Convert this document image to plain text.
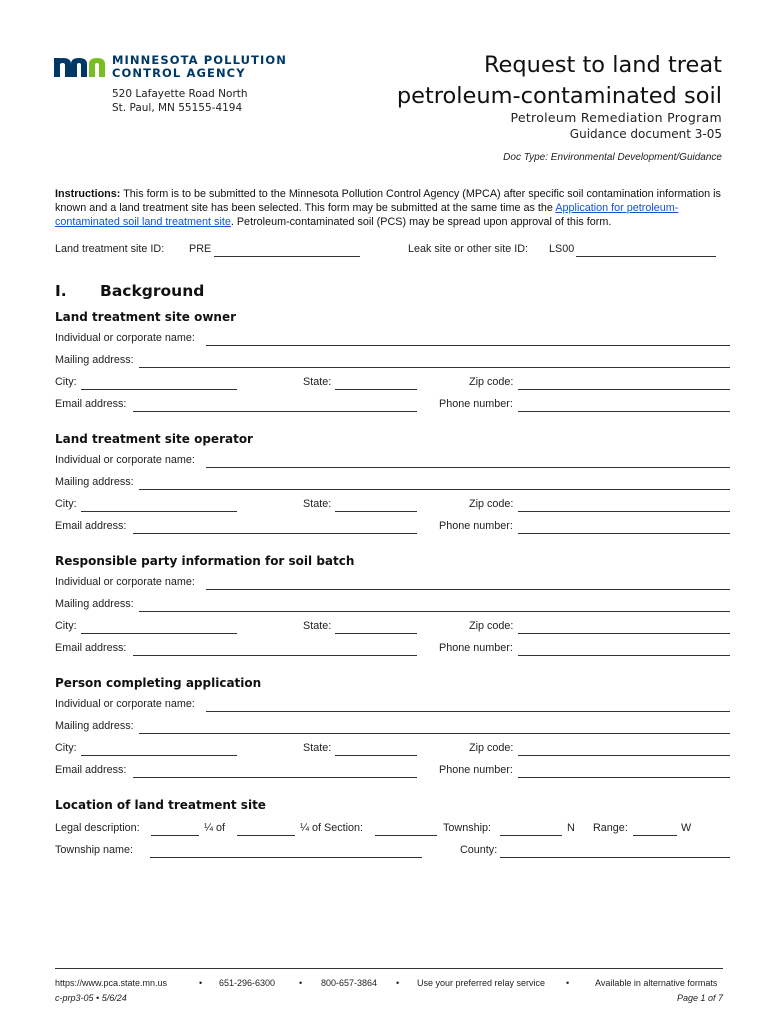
MINNESOTA POLLUTION
CONTROL AGENCY
520 Lafayette Road North
St. Paul, MN 55155-4194
Request to land treat
petroleum-contaminated soil
Petroleum Remediation Program
Guidance document 3-05
Doc Type: Environmental Development/Guidance
Instructions: This form is to be submitted to the Minnesota Pollution Control Agency (MPCA) after specific soil contamination information is known and a land treatment site has been selected. This form may be submitted at the same time as the Application for petroleum-contaminated soil land treatment site. Petroleum-contaminated soil (PCS) may be spread upon approval of this form.
Land treatment site ID: PRE	Leak site or other site ID: LS00
I. Background
Land treatment site owner
Individual or corporate name:
Mailing address:
City:	State:	Zip code:
Email address:	Phone number:
Land treatment site operator
Individual or corporate name:
Mailing address:
City:	State:	Zip code:
Email address:	Phone number:
Responsible party information for soil batch
Individual or corporate name:
Mailing address:
City:	State:	Zip code:
Email address:	Phone number:
Person completing application
Individual or corporate name:
Mailing address:
City:	State:	Zip code:
Email address:	Phone number:
Location of land treatment site
Legal description:	¼ of	¼ of Section:	Township:	N Range:	W
Township name:	County:
https://www.pca.state.mn.us	• 651-296-6300	• 800-657-3864 • Use your preferred relay service •	Available in alternative formats
c-prp3-05 • 5/6/24	Page 1 of 7
